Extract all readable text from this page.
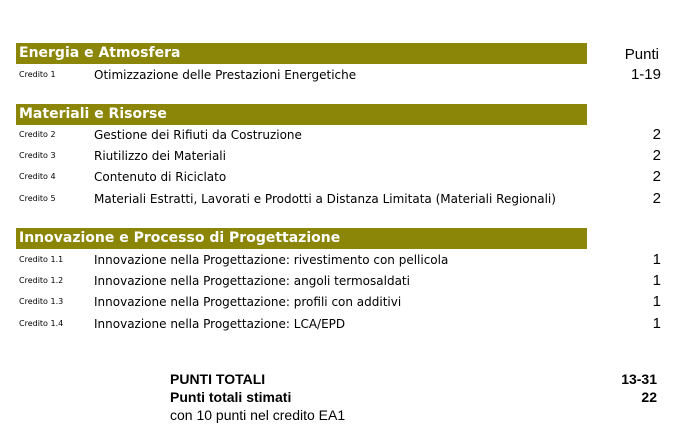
Punti
Energia e Atmosfera
Credito 1	Otimizzazione delle Prestazioni Energetiche	1-19
Materiali e Risorse
Credito 2	Gestione dei Rifiuti da Costruzione	2
Credito 3	Riutilizzo dei Materiali	2
Credito 4	Contenuto di Riciclato	2
Credito 5	Materiali Estratti, Lavorati e Prodotti a Distanza Limitata (Materiali Regionali)	2
Innovazione e Processo di Progettazione
Credito 1.1	Innovazione nella Progettazione: rivestimento con pellicola	1
Credito 1.2	Innovazione nella Progettazione: angoli termosaldati	1
Credito 1.3	Innovazione nella Progettazione: profili con additivi	1
Credito 1.4	Innovazione nella Progettazione: LCA/EPD	1
PUNTI TOTALI	13-31
Punti totali stimati	22
con 10 punti nel credito EA1
